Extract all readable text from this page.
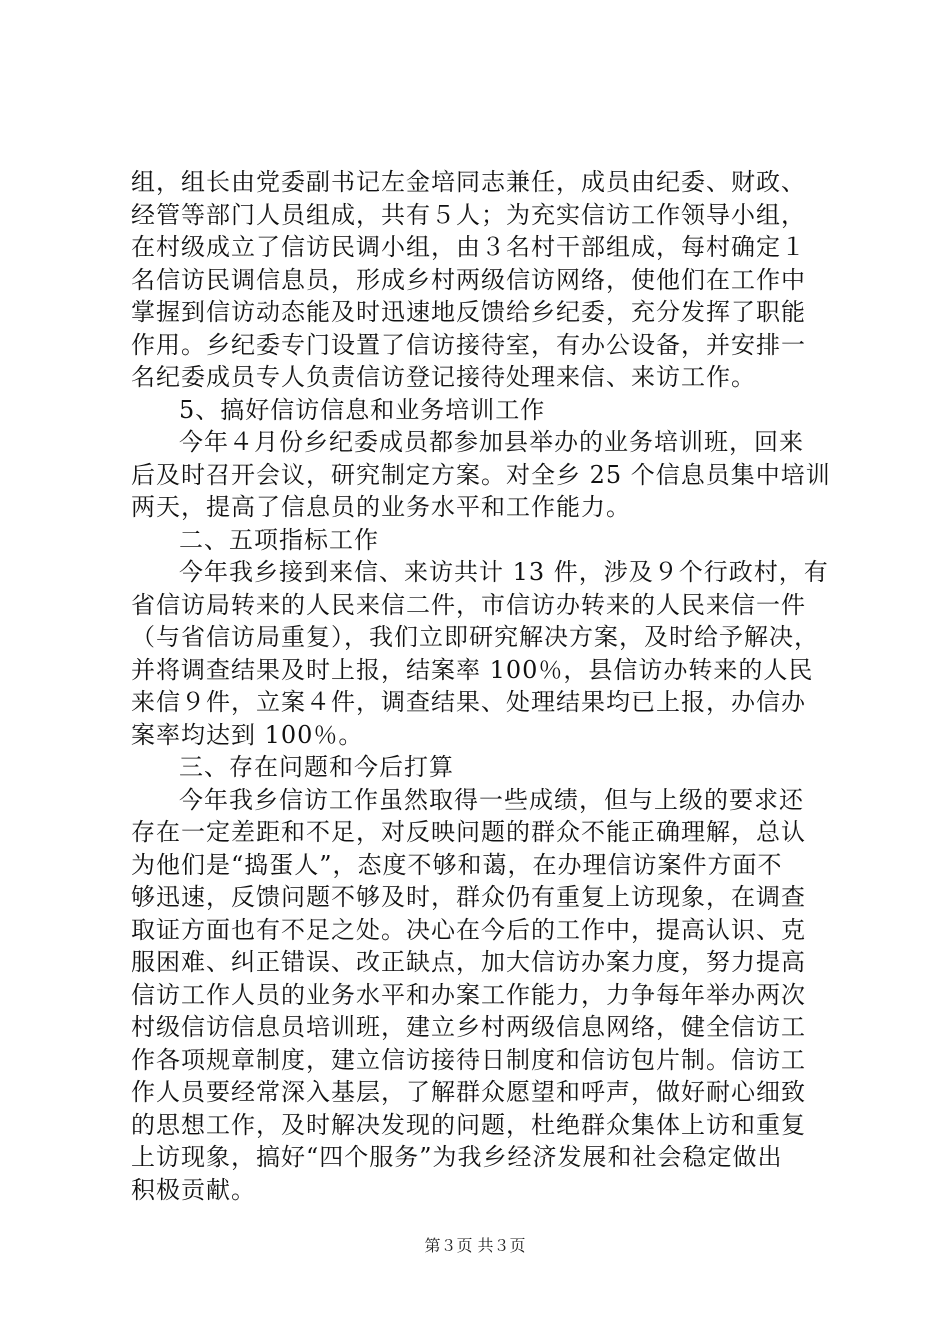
组，组长由党委副书记左金培同志兼任，成员由纪委、财政、
经管等部门人员组成，共有５人；为充实信访工作领导小组，
在村级成立了信访民调小组，由３名村干部组成，每村确定１
名信访民调信息员，形成乡村两级信访网络，使他们在工作中
掌握到信访动态能及时迅速地反馈给乡纪委，充分发挥了职能
作用。乡纪委专门设置了信访接待室，有办公设备，并安排一
名纪委成员专人负责信访登记接待处理来信、来访工作。
5、搞好信访信息和业务培训工作
今年４月份乡纪委成员都参加县举办的业务培训班，回来
后及时召开会议，研究制定方案。对全乡 25 个信息员集中培训
两天，提高了信息员的业务水平和工作能力。
二、五项指标工作
今年我乡接到来信、来访共计 13 件，涉及９个行政村，有
省信访局转来的人民来信二件，市信访办转来的人民来信一件
（与省信访局重复），我们立即研究解决方案，及时给予解决，
并将调查结果及时上报，结案率 100％，县信访办转来的人民
来信９件，立案４件，调查结果、处理结果均已上报，办信办
案率均达到 100％。
三、存在问题和今后打算
今年我乡信访工作虽然取得一些成绩，但与上级的要求还
存在一定差距和不足，对反映问题的群众不能正确理解，总认
为他们是“捣蛋人”，态度不够和蔼，在办理信访案件方面不
够迅速，反馈问题不够及时，群众仍有重复上访现象，在调查
取证方面也有不足之处。决心在今后的工作中，提高认识、克
服困难、纠正错误、改正缺点，加大信访办案力度，努力提高
信访工作人员的业务水平和办案工作能力，力争每年举办两次
村级信访信息员培训班，建立乡村两级信息网络，健全信访工
作各项规章制度，建立信访接待日制度和信访包片制。信访工
作人员要经常深入基层，了解群众愿望和呼声，做好耐心细致
的思想工作，及时解决发现的问题，杜绝群众集体上访和重复
上访现象，搞好“四个服务”为我乡经济发展和社会稳定做出
积极贡献。
第３页 共３页
